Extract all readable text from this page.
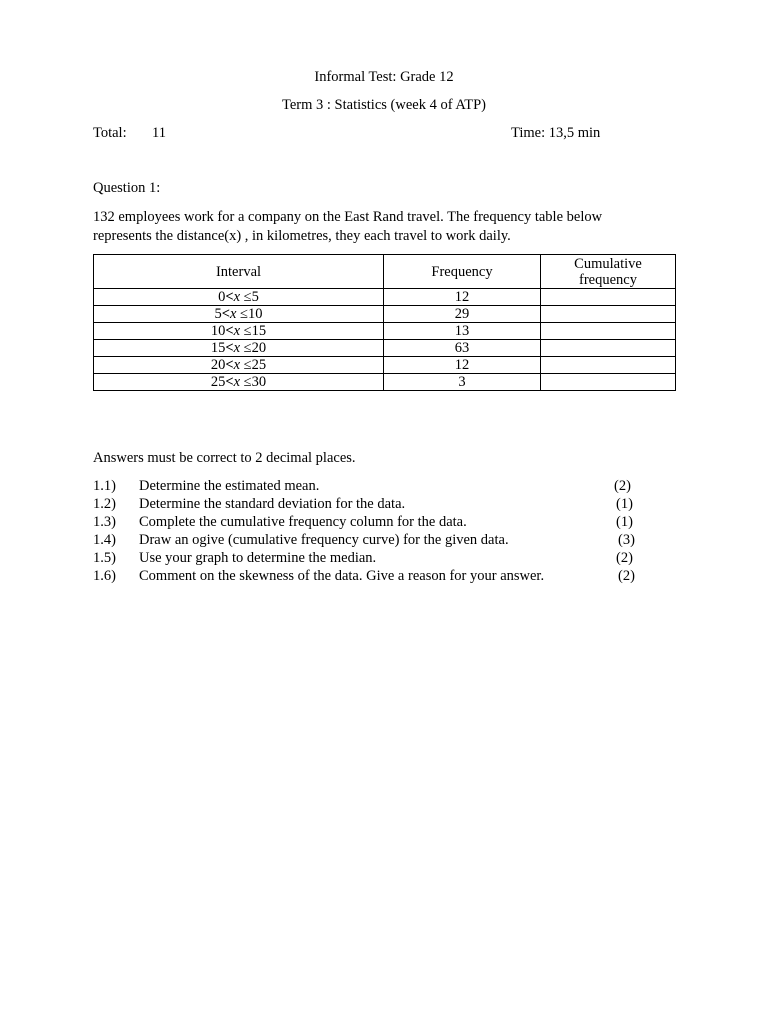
Informal Test: Grade 12
Term 3 : Statistics (week 4 of ATP)
Total: 11	Time: 13,5 min
Question 1:
132 employees work for a company on the East Rand travel. The frequency table below represents the distance(x) , in kilometres, they each travel to work daily.
Interval	Frequency	Cumulative frequency
0<x ≤5	12	
5<x ≤10	29	
10<x ≤15	13	
15<x ≤20	63	
20<x ≤25	12	
25<x ≤30	3	
Answers must be correct to 2 decimal places.
1.1) Determine the estimated mean.	(2)
1.2) Determine the standard deviation for the data.	(1)
1.3) Complete the cumulative frequency column for the data.	(1)
1.4) Draw an ogive (cumulative frequency curve) for the given data.	(3)
1.5) Use your graph to determine the median.	(2)
1.6) Comment on the skewness of the data. Give a reason for your answer.	(2)
